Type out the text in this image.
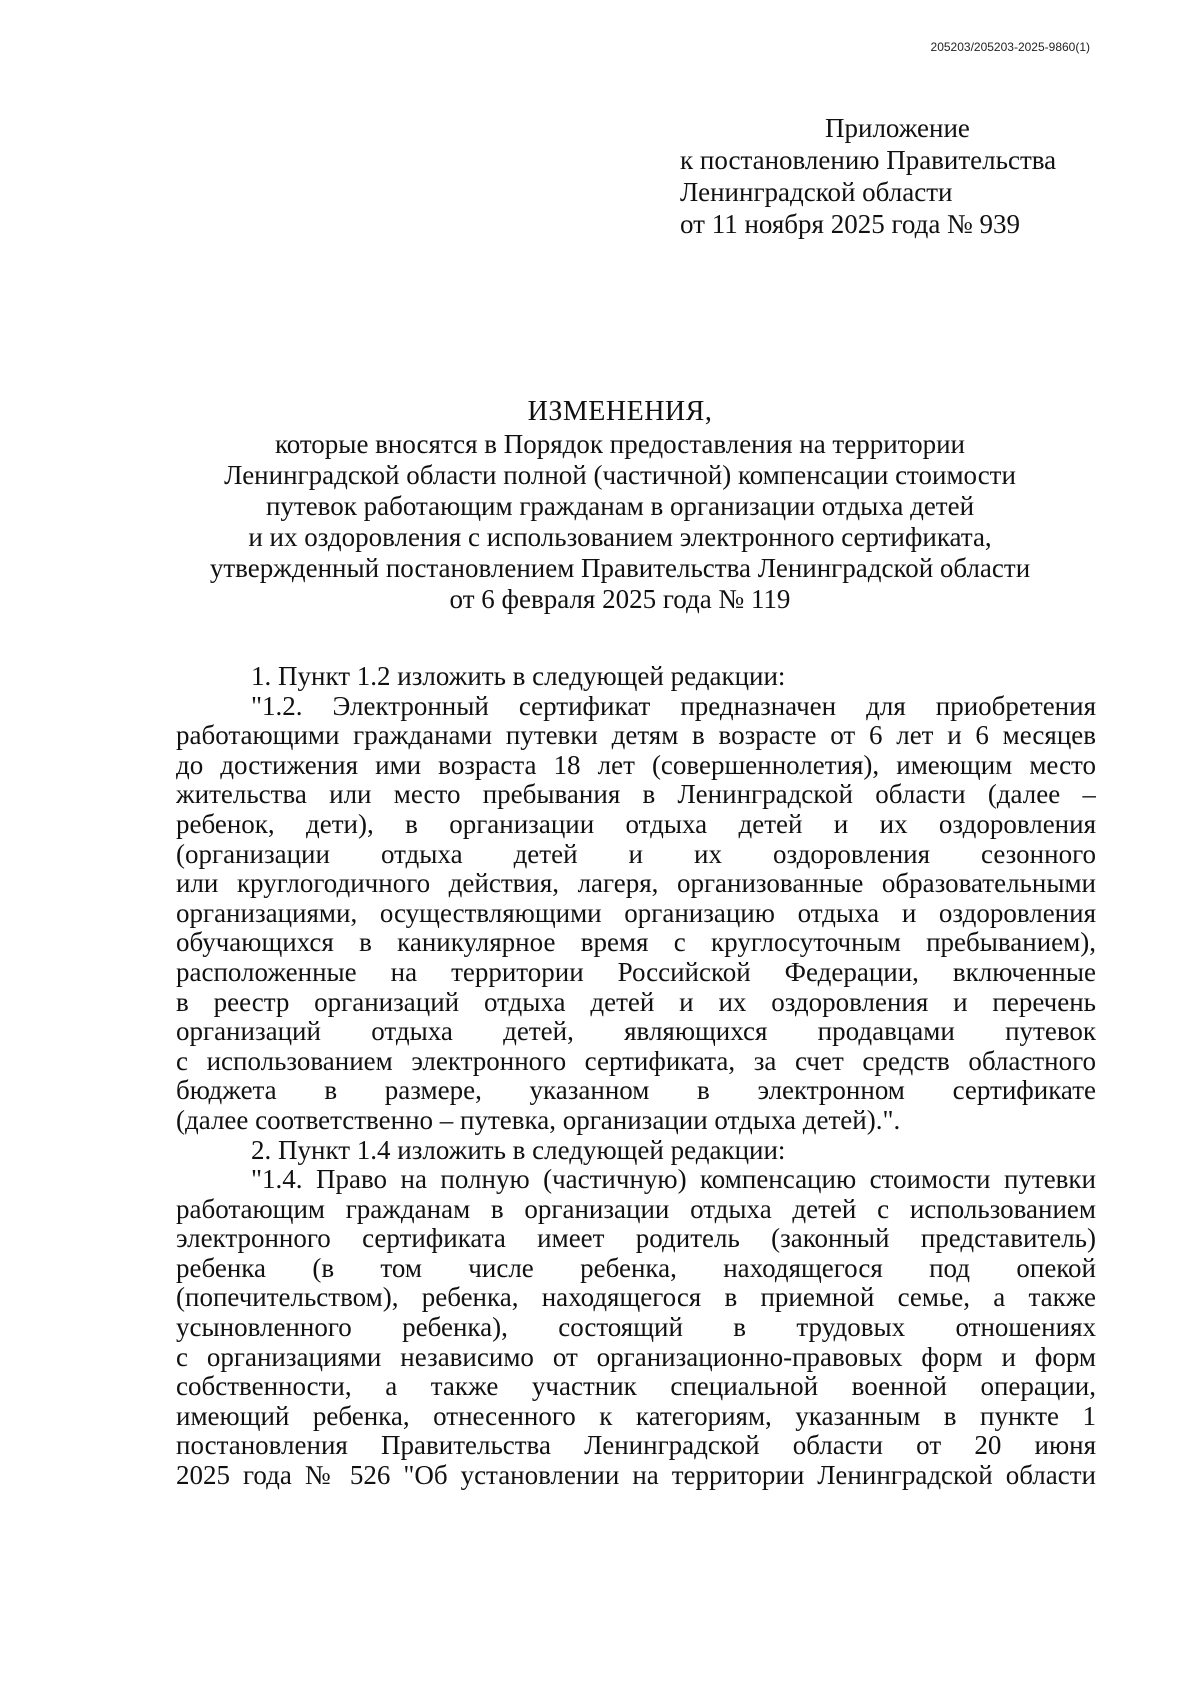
205203/205203-2025-9860(1)
Приложение
к постановлению Правительства
Ленинградской области
от 11 ноября 2025 года № 939
ИЗМЕНЕНИЯ,
которые вносятся в Порядок предоставления на территории
Ленинградской области полной (частичной) компенсации стоимости
путевок работающим гражданам в организации отдыха детей
и их оздоровления с использованием электронного сертификата,
утвержденный постановлением Правительства Ленинградской области
от 6 февраля 2025 года № 119
1. Пункт 1.2 изложить в следующей редакции:
"1.2. Электронный сертификат предназначен для приобретения
работающими гражданами путевки детям в возрасте от 6 лет и 6 месяцев
до достижения ими возраста 18 лет (совершеннолетия), имеющим место
жительства или место пребывания в Ленинградской области (далее –
ребенок, дети), в организации отдыха детей и их оздоровления
(организации отдыха детей и их оздоровления сезонного
или круглогодичного действия, лагеря, организованные образовательными
организациями, осуществляющими организацию отдыха и оздоровления
обучающихся в каникулярное время с круглосуточным пребыванием),
расположенные на территории Российской Федерации, включенные
в реестр организаций отдыха детей и их оздоровления и перечень
организаций отдыха детей, являющихся продавцами путевок
с использованием электронного сертификата, за счет средств областного
бюджета в размере, указанном в электронном сертификате
(далее соответственно – путевка, организации отдыха детей).".
2. Пункт 1.4 изложить в следующей редакции:
"1.4. Право на полную (частичную) компенсацию стоимости путевки
работающим гражданам в организации отдыха детей с использованием
электронного сертификата имеет родитель (законный представитель)
ребенка (в том числе ребенка, находящегося под опекой
(попечительством), ребенка, находящегося в приемной семье, а также
усыновленного ребенка), состоящий в трудовых отношениях
с организациями независимо от организационно-правовых форм и форм
собственности, а также участник специальной военной операции,
имеющий ребенка, отнесенного к категориям, указанным в пункте 1
постановления Правительства Ленинградской области от 20 июня
2025 года № 526 "Об установлении на территории Ленинградской области
